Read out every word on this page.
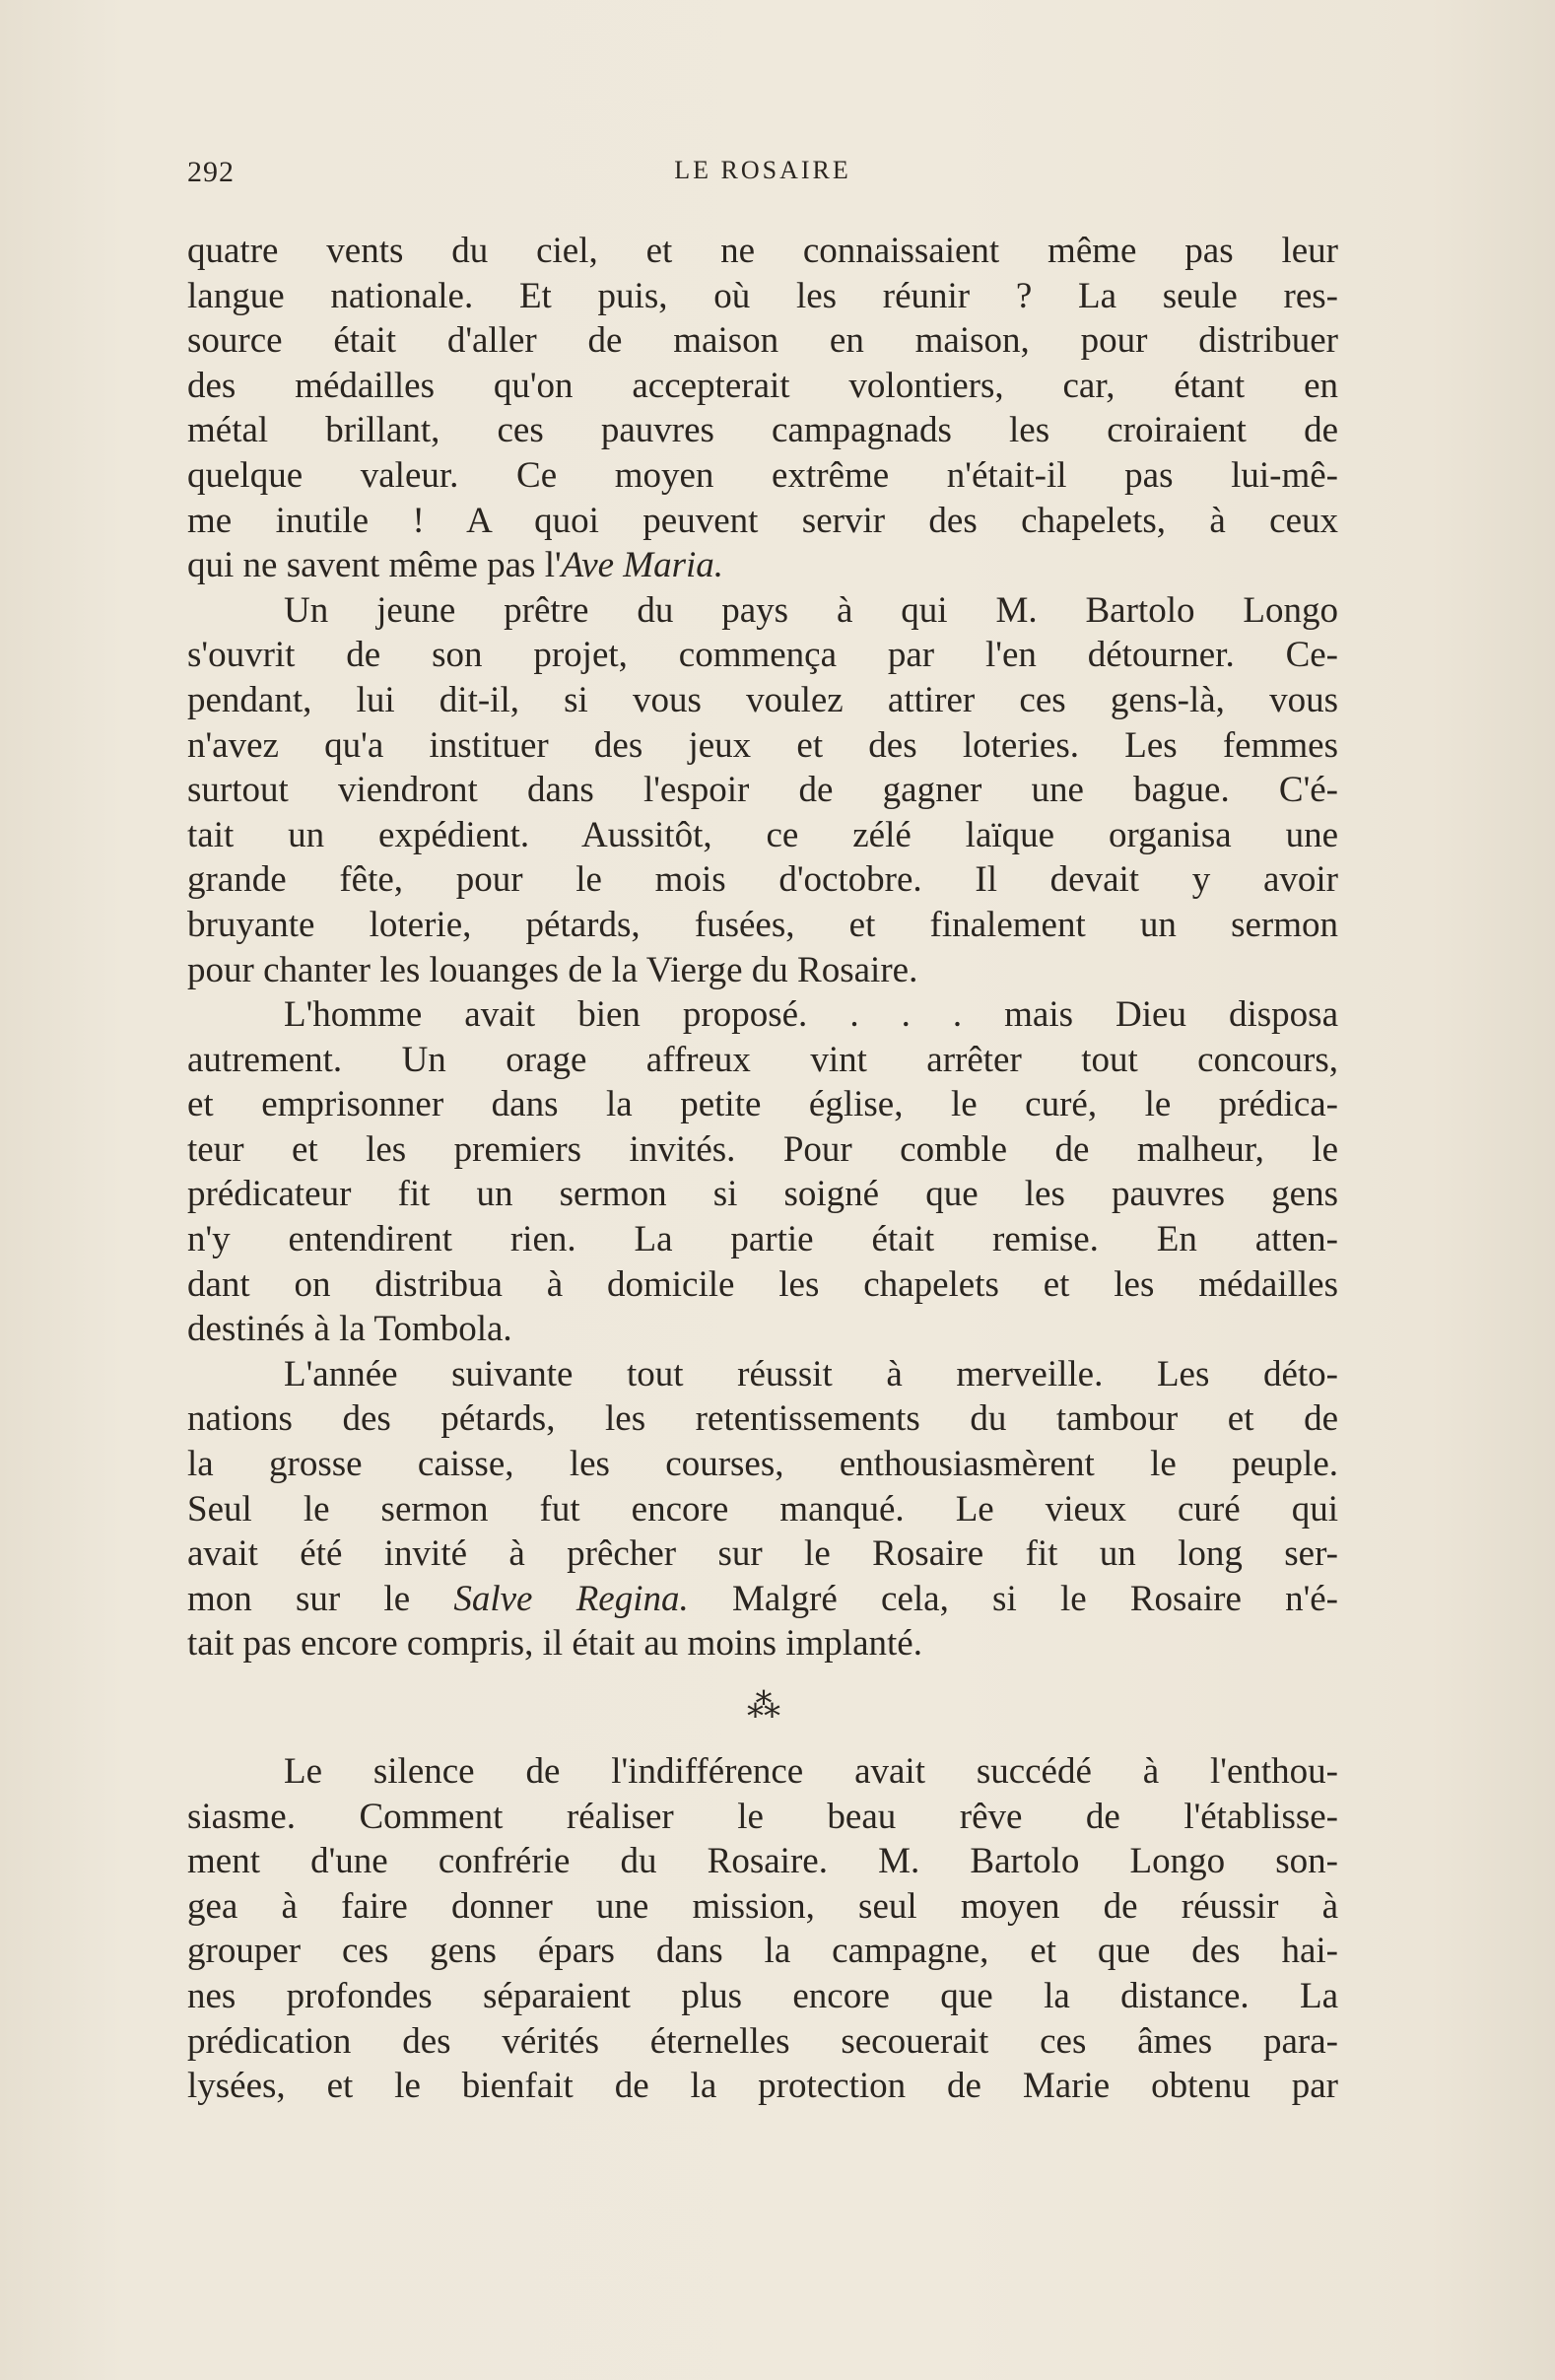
292	LE ROSAIRE
quatre vents du ciel, et ne connaissaient même pas leur
langue nationale. Et puis, où les réunir ? La seule res-
source était d'aller de maison en maison, pour distribuer
des médailles qu'on accepterait volontiers, car, étant en
métal brillant, ces pauvres campagnads les croiraient de
quelque valeur. Ce moyen extrême n'était-il pas lui-mê-
me inutile ! A quoi peuvent servir des chapelets, à ceux
qui ne savent même pas l'Ave Maria.
Un jeune prêtre du pays à qui M. Bartolo Longo
s'ouvrit de son projet, commença par l'en détourner. Ce-
pendant, lui dit-il, si vous voulez attirer ces gens-là, vous
n'avez qu'a instituer des jeux et des loteries. Les femmes
surtout viendront dans l'espoir de gagner une bague. C'é-
tait un expédient. Aussitôt, ce zélé laïque organisa une
grande fête, pour le mois d'octobre. Il devait y avoir
bruyante loterie, pétards, fusées, et finalement un sermon
pour chanter les louanges de la Vierge du Rosaire.
L'homme avait bien proposé. . . . mais Dieu disposa
autrement. Un orage affreux vint arrêter tout concours,
et emprisonner dans la petite église, le curé, le prédica-
teur et les premiers invités. Pour comble de malheur, le
prédicateur fit un sermon si soigné que les pauvres gens
n'y entendirent rien. La partie était remise. En atten-
dant on distribua à domicile les chapelets et les médailles
destinés à la Tombola.
L'année suivante tout réussit à merveille. Les déto-
nations des pétards, les retentissements du tambour et de
la grosse caisse, les courses, enthousiasmèrent le peuple.
Seul le sermon fut encore manqué. Le vieux curé qui
avait été invité à prêcher sur le Rosaire fit un long ser-
mon sur le Salve Regina. Malgré cela, si le Rosaire n'é-
tait pas encore compris, il était au moins implanté.
⁂
Le silence de l'indifférence avait succédé à l'enthou-
siasme. Comment réaliser le beau rêve de l'établisse-
ment d'une confrérie du Rosaire. M. Bartolo Longo son-
gea à faire donner une mission, seul moyen de réussir à
grouper ces gens épars dans la campagne, et que des hai-
nes profondes séparaient plus encore que la distance. La
prédication des vérités éternelles secouerait ces âmes para-
lysées, et le bienfait de la protection de Marie obtenu par
